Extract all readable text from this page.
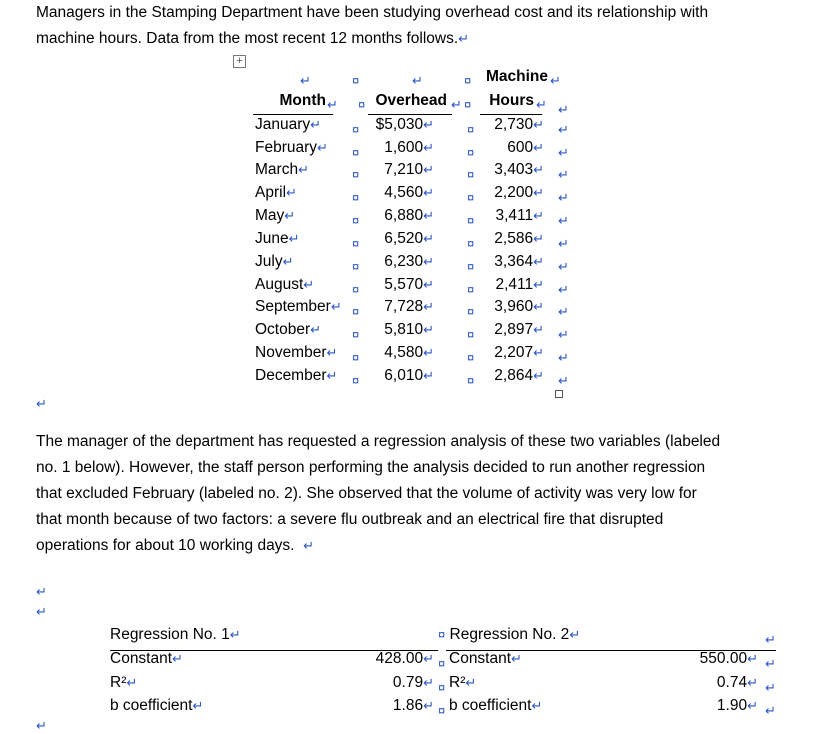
Managers in the Stamping Department have been studying overhead cost and its relationship with
machine hours. Data from the most recent 12 months follows.↵
+
Machine
Month	Overhead	Hours
January↵ ¤	$5,030↵	¤	2,730↵ ↵
February↵ ¤	1,600↵	¤	600↵ ↵
March↵	¤	7,210↵	¤	3,403↵ ↵
April↵	¤	4,560↵	¤	2,200↵ ↵
May↵	¤	6,880↵	¤	3,411↵ ↵
June↵	¤	6,520↵	¤	2,586↵ ↵
July↵	¤	6,230↵	¤	3,364↵ ↵
August↵	¤	5,570↵	¤	2,411↵ ↵
September↵ ¤	7,728↵	¤	3,960↵ ↵
October↵ ¤	5,810↵	¤	2,897↵ ↵
November↵ ¤	4,580↵	¤	2,207↵ ↵
December↵ ¤	6,010↵	¤	2,864↵ ↵
↵	¤	↵	¤	↵
↵ ¤	↵ ¤	↵ ↵
↵
The manager of the department has requested a regression analysis of these two variables (labeled
no. 1 below). However, the staff person performing the analysis decided to run another regression
that excluded February (labeled no. 2). She observed that the volume of activity was very low for
that month because of two factors: a severe flu outbreak and an electrical fire that disrupted
operations for about 10 working days. ↵
↵
↵
Regression No. 1↵	¤ Regression No. 2↵	↵
Constant↵	428.00↵ ¤ Constant↵	550.00↵ ↵
R²↵	0.79↵ ¤ R²↵	0.74↵ ↵
b coefficient↵	1.86↵ ¤ b coefficient↵	1.90↵ ↵
↵
